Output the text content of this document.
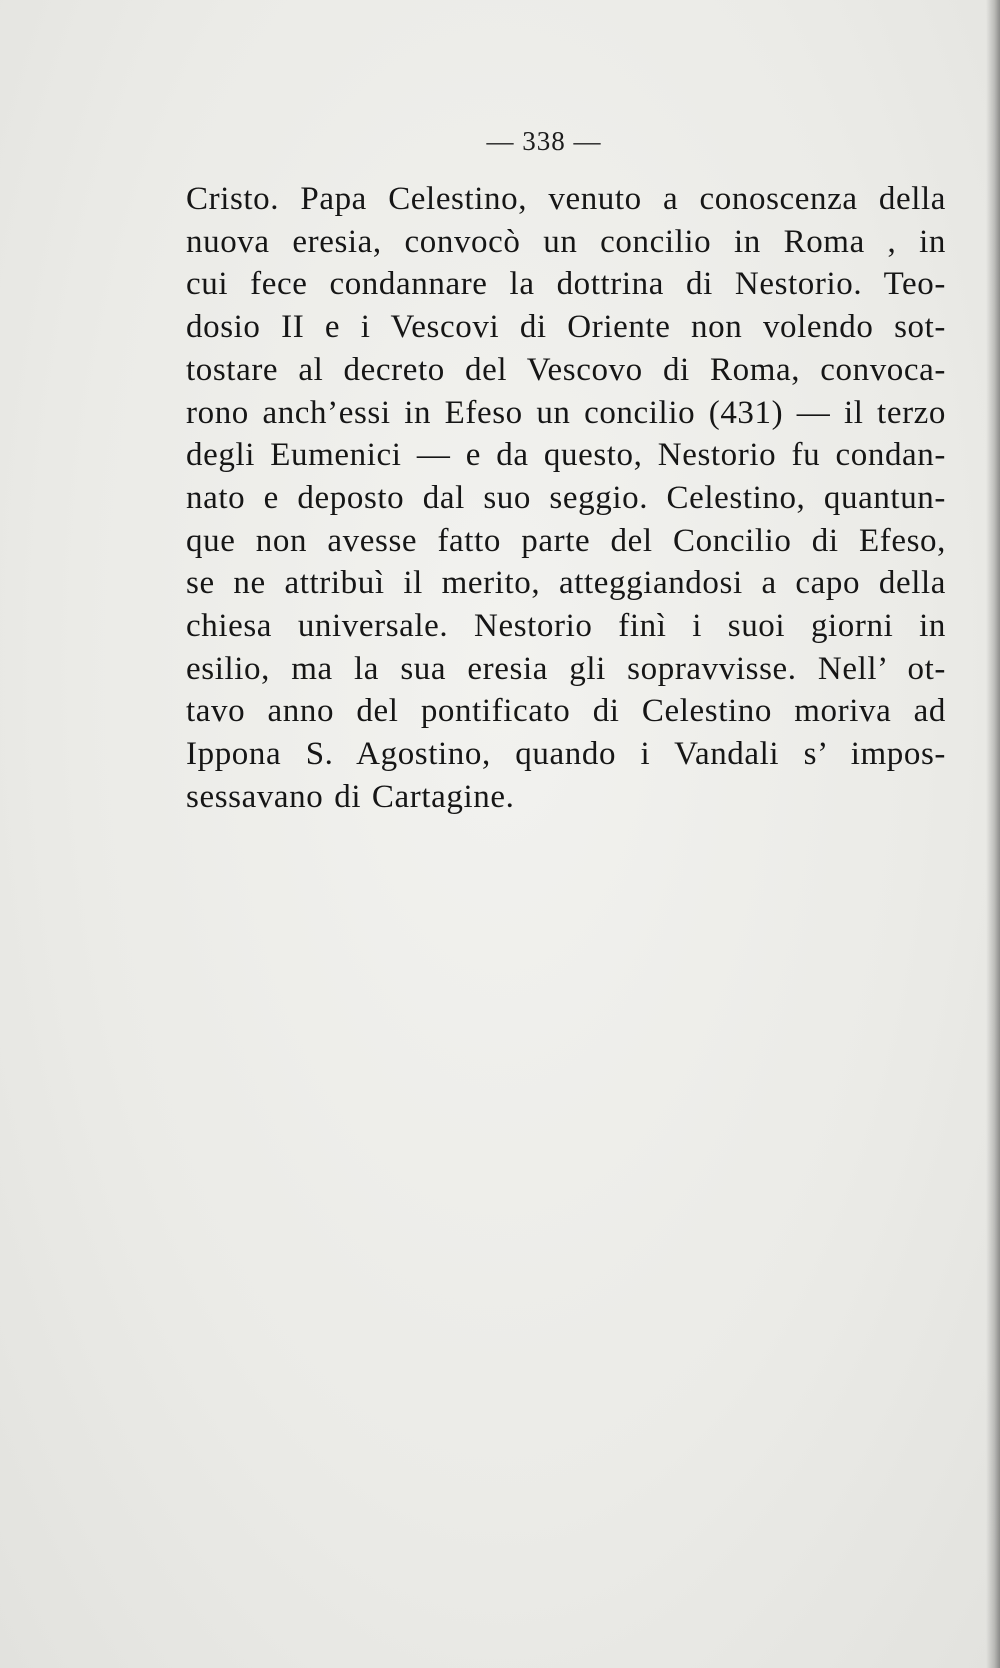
— 338 —
Cristo. Papa Celestino, venuto a conoscenza della
nuova eresia, convocò un concilio in Roma , in
cui fece condannare la dottrina di Nestorio. Teo-
dosio II e i Vescovi di Oriente non volendo sot-
tostare al decreto del Vescovo di Roma, convoca-
rono anch’essi in Efeso un concilio (431) — il terzo
degli Eumenici — e da questo, Nestorio fu condan-
nato e deposto dal suo seggio. Celestino, quantun-
que non avesse fatto parte del Concilio di Efeso,
se ne attribuì il merito, atteggiandosi a capo della
chiesa universale. Nestorio finì i suoi giorni in
esilio, ma la sua eresia gli sopravvisse. Nell’ ot-
tavo anno del pontificato di Celestino moriva ad
Ippona S. Agostino, quando i Vandali s’ impos-
sessavano di Cartagine.
